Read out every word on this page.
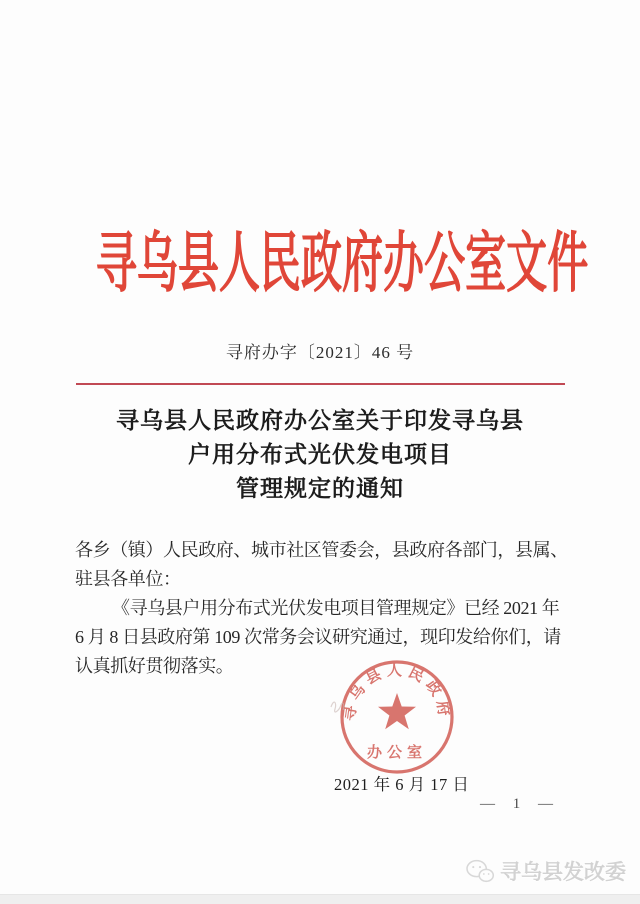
寻乌县人民政府办公室文件
寻府办字〔2021〕46 号
寻乌县人民政府办公室关于印发寻乌县
户用分布式光伏发电项目
管理规定的通知
各乡（镇）人民政府、城市社区管委会，县政府各部门，县属、
驻县各单位：
《寻乌县户用分布式光伏发电项目管理规定》已经 2021 年
6 月 8 日县政府第 109 次常务会议研究通过，现印发给你们，请
认真抓好贯彻落实。
寻乌县人民政府
办公室
2021 年 6 月 17 日
— 1 —
寻乌县发改委
